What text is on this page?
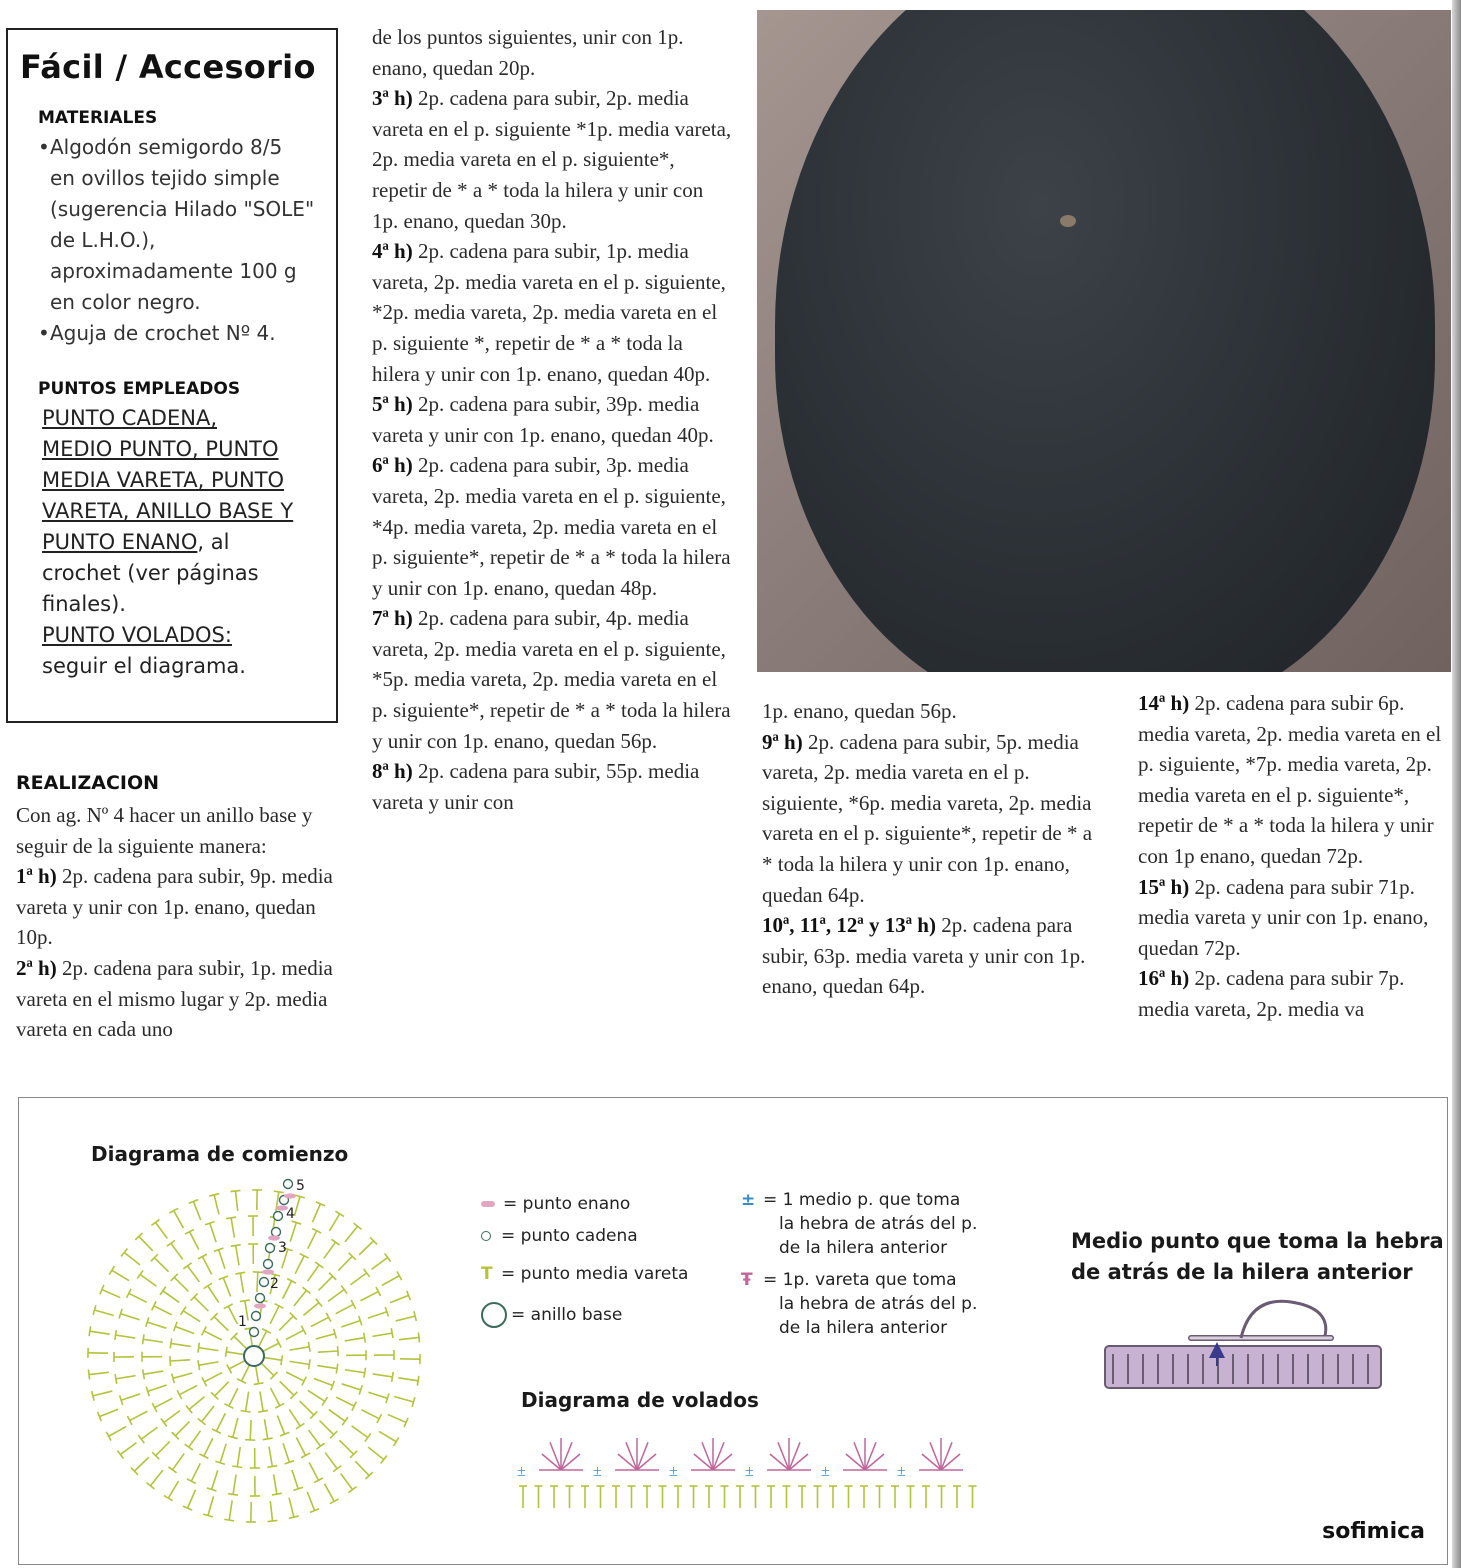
Fácil / Accesorio
MATERIALES
•Algodón semigordo 8/5
en ovillos tejido simple
(sugerencia Hilado "SOLE"
de L.H.O.),
aproximadamente 100 g
en color negro.
•Aguja de crochet Nº 4.
PUNTOS EMPLEADOS
PUNTO CADENA,
MEDIO PUNTO, PUNTO
MEDIA VARETA, PUNTO
VARETA, ANILLO BASE Y
PUNTO ENANO, al
crochet (ver páginas
finales).
PUNTO VOLADOS:
seguir el diagrama.
REALIZACION

Con ag. Nº 4 hacer un anillo base y seguir de la siguiente manera:

1ª h) 2p. cadena para subir, 9p. media vareta y unir con 1p. enano, quedan 10p.

2ª h) 2p. cadena para subir, 1p. media vareta en el mismo lugar y 2p. media vareta en cada uno

de los puntos siguientes, unir con 1p. enano, quedan 20p.

3ª h) 2p. cadena para subir, 2p. media vareta en el p. siguiente *1p. media vareta, 2p. media vareta en el p. siguiente*, repetir de * a * toda la hilera y unir con 1p. enano, quedan 30p.

4ª h) 2p. cadena para subir, 1p. media vareta, 2p. media vareta en el p. siguiente, *2p. media vareta, 2p. media vareta en el p. siguiente *, repetir de * a * toda la hilera y unir con 1p. enano, quedan 40p.

5ª h) 2p. cadena para subir, 39p. media vareta y unir con 1p. enano, quedan 40p.

6ª h) 2p. cadena para subir, 3p. media vareta, 2p. media vareta en el p. siguiente, *4p. media vareta, 2p. media vareta en el p. siguiente*, repetir de * a * toda la hilera y unir con 1p. enano, quedan 48p.

7ª h) 2p. cadena para subir, 4p. media vareta, 2p. media vareta en el p. siguiente, *5p. media vareta, 2p. media vareta en el p. siguiente*, repetir de * a * toda la hilera y unir con 1p. enano, quedan 56p.

8ª h) 2p. cadena para subir, 55p. media vareta y unir con

1p. enano, quedan 56p.

9ª h) 2p. cadena para subir, 5p. media vareta, 2p. media vareta en el p. siguiente, *6p. media vareta, 2p. media vareta en el p. siguiente*, repetir de * a * toda la hilera y unir con 1p. enano, quedan 64p.

10ª, 11ª, 12ª y 13ª h) 2p. cadena para subir, 63p. media vareta y unir con 1p. enano, quedan 64p.

14ª h) 2p. cadena para subir 6p. media vareta, 2p. media vareta en el p. siguiente, *7p. media vareta, 2p. media vareta en el p. siguiente*, repetir de * a * toda la hilera y unir con 1p enano, quedan 72p.

15ª h) 2p. cadena para subir 71p. media vareta y unir con 1p. enano, quedan 72p.

16ª h) 2p. cadena para subir 7p. media vareta, 2p. media va

Diagrama de comienzo
1
2
3
4
5
= punto enano
= punto cadena
T = punto media vareta
= anillo base
± = 1 medio p. que toma
la hebra de atrás del p.
de la hilera anterior
Ŧ = 1p. vareta que toma
la hebra de atrás del p.
de la hilera anterior
Medio punto que toma la hebra de atrás de la hilera anterior
Diagrama de volados
±	±	±	±	±	±
sofimica
